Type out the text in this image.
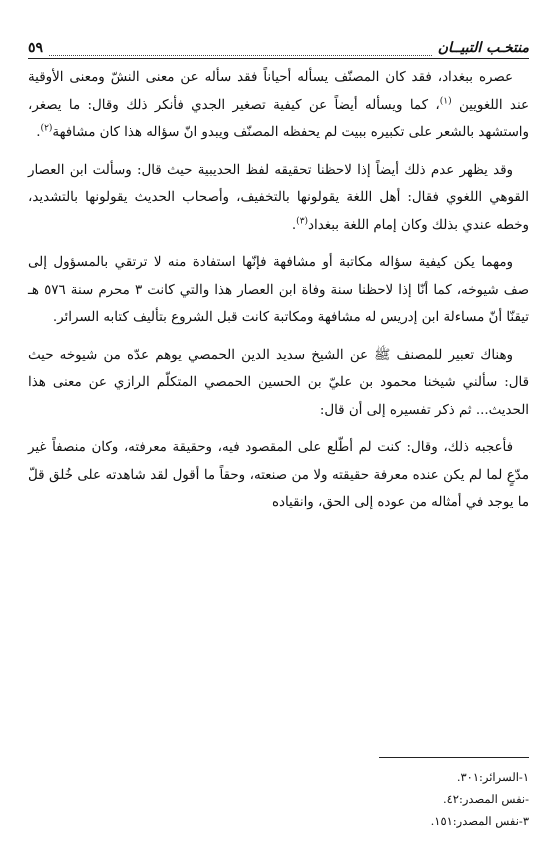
منتخـب التبيــان
٥٩

عصره ببغداد، فقد كان المصنّف يسأله أحياناً فقد سأله عن معنى النشّ ومعنى الأوقية عند اللغويين $^{(١)}$، كما ويسأله أيضاً عن كيفية تصغير الجدي فأنكر ذلك وقال: ما يصغر، واستشهد بالشعر على تكبيره ببيت لم يحفظه المصنّف ويبدو انّ سؤاله هذا كان مشافهة$^{(٢)}$.

وقد يظهر عدم ذلك أيضاً إذا لاحظنا تحقيقه لفظ الحديبية حيث قال: وسألت ابن العصار القوهي اللغوي فقال: أهل اللغة يقولونها بالتخفيف، وأصحاب الحديث يقولونها بالتشديد، وخطه عندي بذلك وكان إمام اللغة ببغداد$^{(٣)}$.

ومهما يكن كيفية سؤاله مكاتبة أو مشافهة فإنّها استفادة منه لا ترتقي بالمسؤول إلى صف شيوخه، كما أنّا إذا لاحظنا سنة وفاة ابن العصار هذا والتي كانت ٣ محرم سنة ٥٧٦ هـ تيقنّا أنّ مساءلة ابن إدريس له مشافهة ومكاتبة كانت قبل الشروع بتأليف كتابه السرائر.

وهناك تعبير للمصنف ﷺ عن الشيخ سديد الدين الحمصي يوهم عدّه من شيوخه حيث قال: سألني شيخنا محمود بن عليّ بن الحسين الحمصي المتكلّم الرازي عن معنى هذا الحديث... ثم ذكر تفسيره إلى أن قال:

فأعجبه ذلك، وقال: كنت لم أطّلع على المقصود فيه، وحقيقة معرفته، وكان منصفاً غير مدّعٍ لما لم يكن عنده معرفة حقيقته ولا من صنعته، وحقاً ما أقول لقد شاهدته على خُلق قلّ ما يوجد في أمثاله من عوده إلى الحق، وانقياده

١-السرائر:٣٠١.
-نفس المصدر:٤٢.
٣-نفس المصدر:١٥١.
